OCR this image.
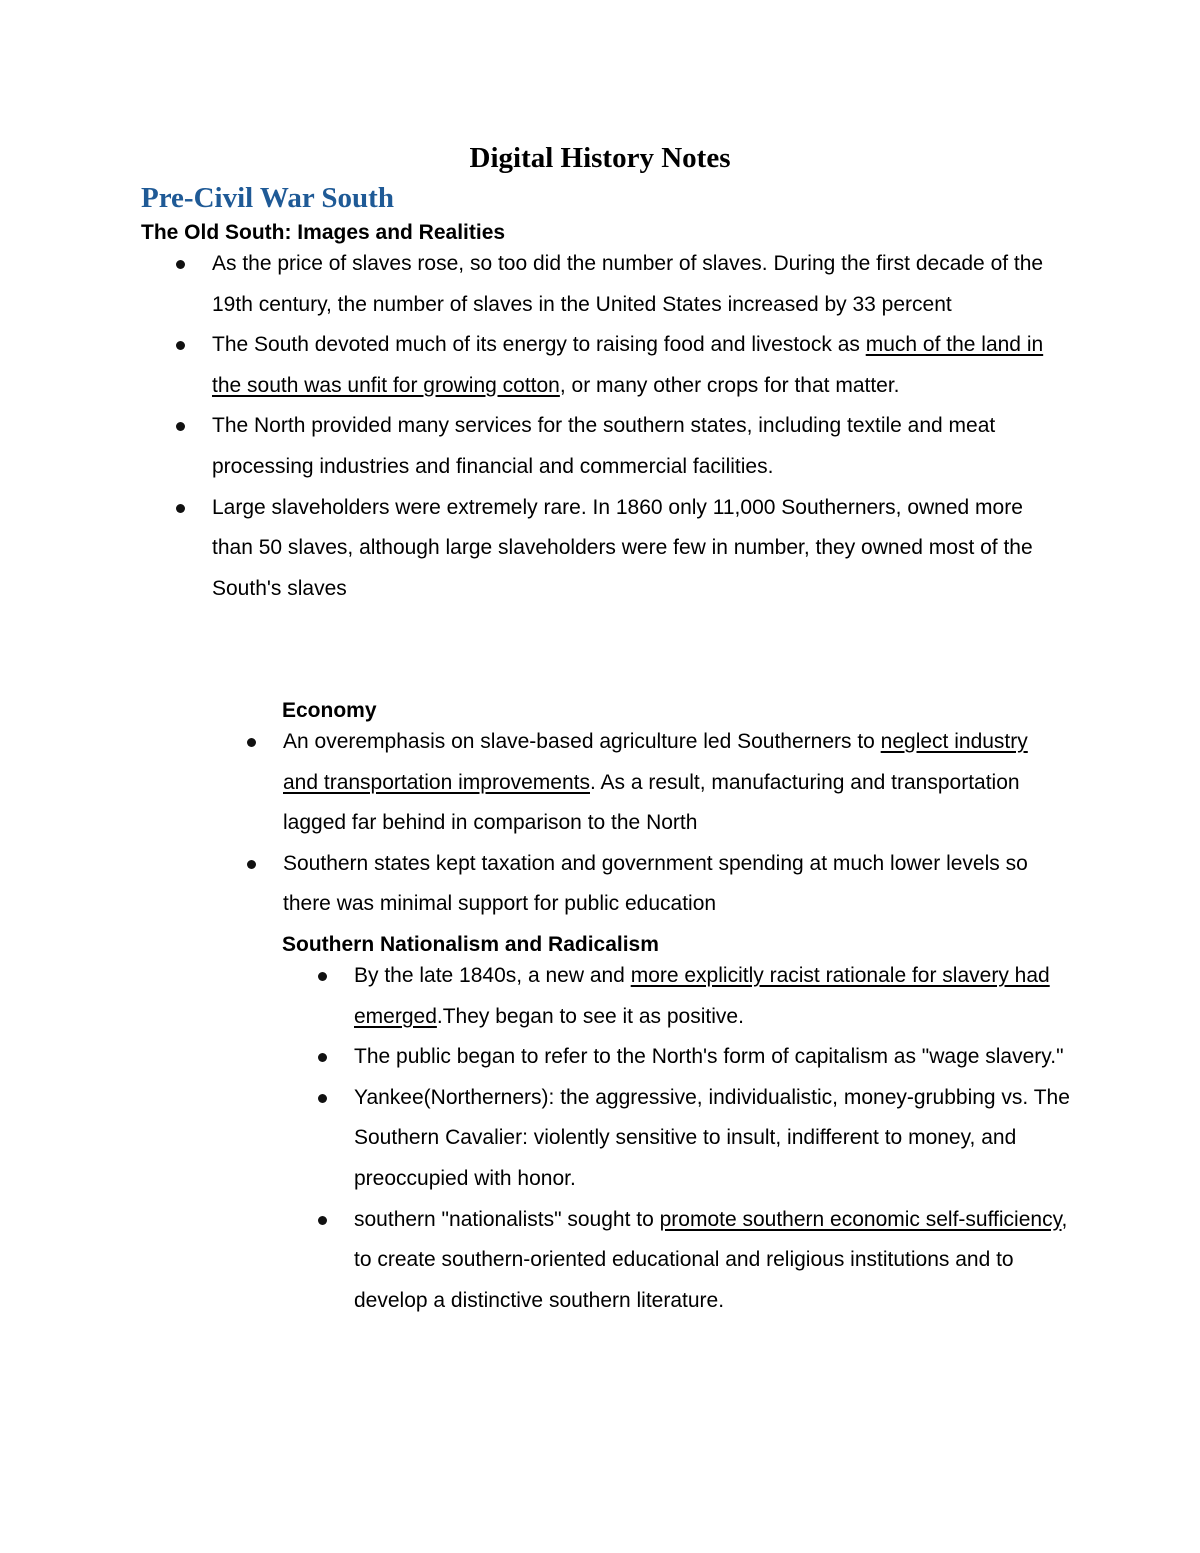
Digital History Notes
Pre-Civil War South
The Old South: Images and Realities
As the price of slaves rose, so too did the number of slaves. During the first decade of the 19th century, the number of slaves in the United States increased by 33 percent
The South devoted much of its energy to raising food and livestock as much of the land in the south was unfit for growing cotton, or many other crops for that matter.
The North provided many services for the southern states, including textile and meat processing industries and financial and commercial facilities.
Large slaveholders were extremely rare. In 1860 only 11,000 Southerners, owned more than 50 slaves, although large slaveholders were few in number, they owned most of the South's slaves
Economy
An overemphasis on slave-based agriculture led Southerners to neglect industry and transportation improvements. As a result, manufacturing and transportation lagged far behind in comparison to the North
Southern states kept taxation and government spending at much lower levels so there was minimal support for public education
Southern Nationalism and Radicalism
By the late 1840s, a new and more explicitly racist rationale for slavery had emerged.They began to see it as positive.
The public began to refer to the North's form of capitalism as "wage slavery."
Yankee(Northerners): the aggressive, individualistic, money-grubbing vs. The Southern Cavalier: violently sensitive to insult, indifferent to money, and preoccupied with honor.
southern "nationalists" sought to promote southern economic self-sufficiency, to create southern-oriented educational and religious institutions and to develop a distinctive southern literature.
